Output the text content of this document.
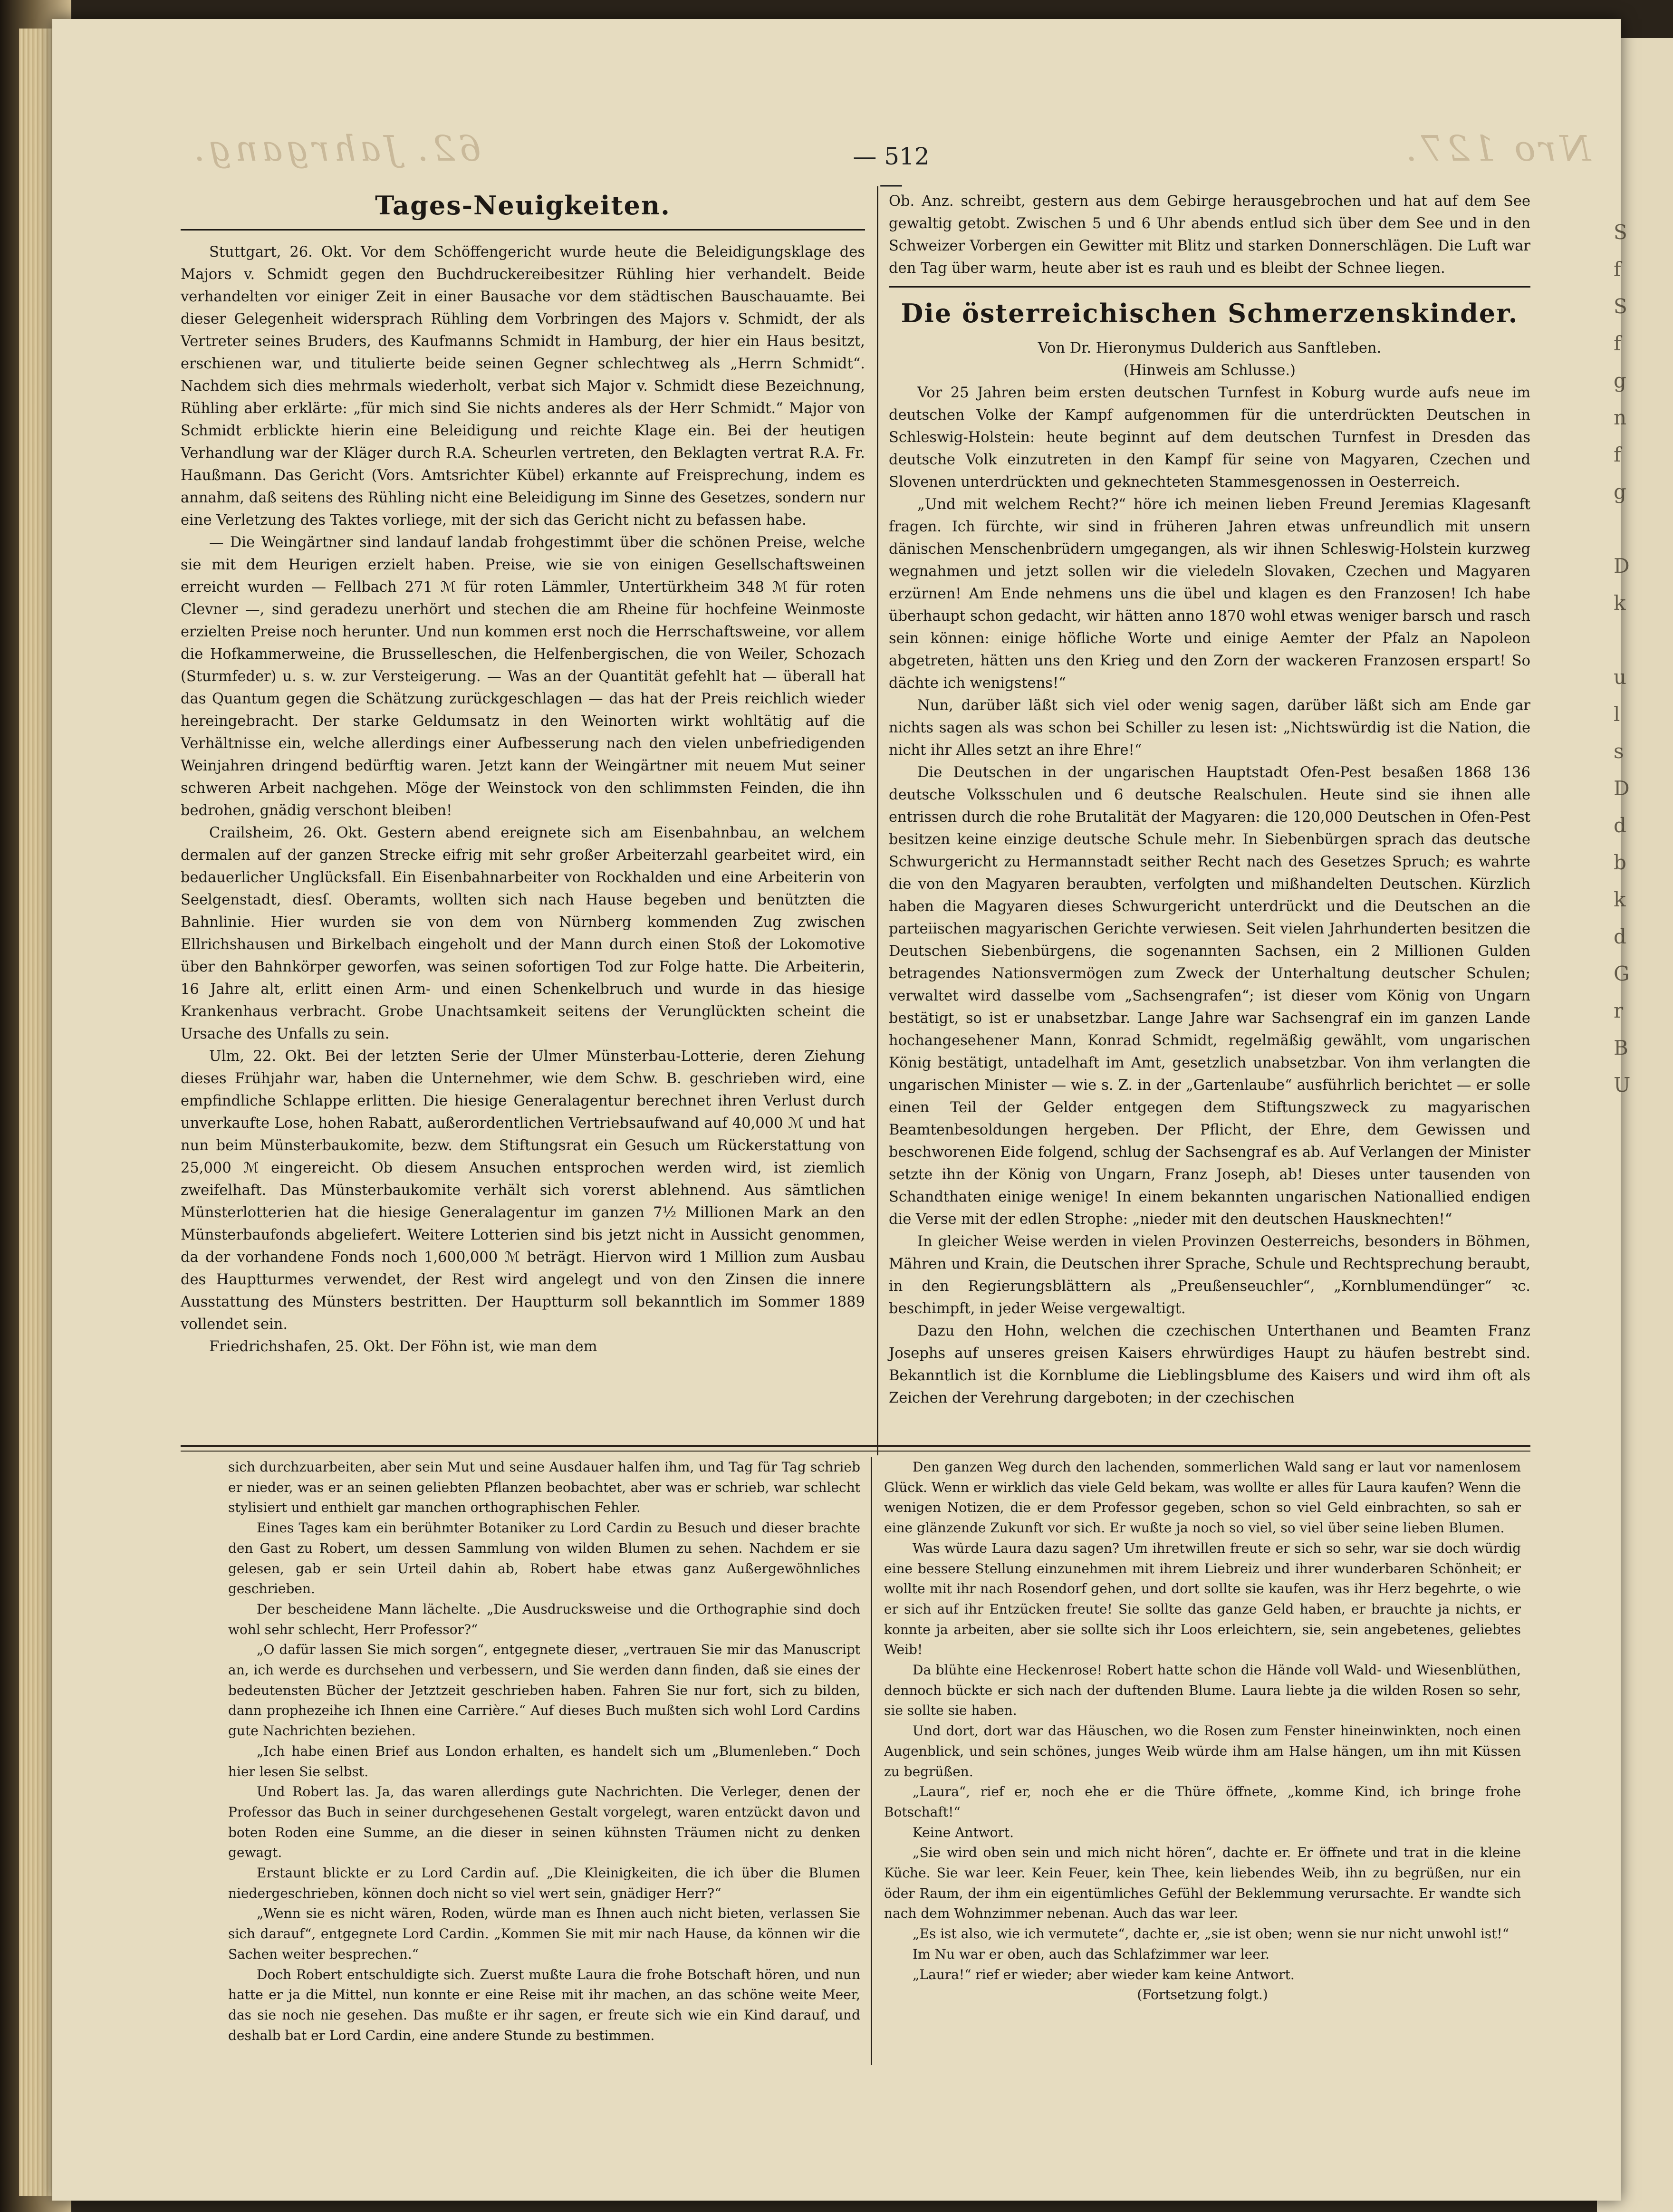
S
f
S
f
g
n
f
g

D
k

u
l
s
D
d
b
k
d
G
r
B
U

62. Jahrgang.	Nro 127.
— 512 —
Tages-Neuigkeiten.

Stuttgart, 26. Okt. Vor dem Schöffengericht wurde heute die Beleidigungsklage des Majors v. Schmidt gegen den Buchdruckereibesitzer Rühling hier verhandelt. Beide verhandelten vor einiger Zeit in einer Bausache vor dem städtischen Bauschauamte. Bei dieser Gelegenheit widersprach Rühling dem Vorbringen des Majors v. Schmidt, der als Vertreter seines Bruders, des Kaufmanns Schmidt in Hamburg, der hier ein Haus besitzt, erschienen war, und titulierte beide seinen Gegner schlechtweg als „Herrn Schmidt“. Nachdem sich dies mehrmals wiederholt, verbat sich Major v. Schmidt diese Bezeichnung, Rühling aber erklärte: „für mich sind Sie nichts anderes als der Herr Schmidt.“ Major von Schmidt erblickte hierin eine Beleidigung und reichte Klage ein. Bei der heutigen Verhandlung war der Kläger durch R.A. Scheurlen vertreten, den Beklagten vertrat R.A. Fr. Haußmann. Das Gericht (Vors. Amtsrichter Kübel) erkannte auf Freisprechung, indem es annahm, daß seitens des Rühling nicht eine Beleidigung im Sinne des Gesetzes, sondern nur eine Verletzung des Taktes vorliege, mit der sich das Gericht nicht zu befassen habe.

— Die Weingärtner sind landauf landab frohgestimmt über die schönen Preise, welche sie mit dem Heurigen erzielt haben. Preise, wie sie von einigen Gesellschaftsweinen erreicht wurden — Fellbach 271 ℳ für roten Lämmler, Untertürkheim 348 ℳ für roten Clevner —, sind geradezu unerhört und stechen die am Rheine für hochfeine Weinmoste erzielten Preise noch herunter. Und nun kommen erst noch die Herrschaftsweine, vor allem die Hofkammerweine, die Brusselleschen, die Helfenbergischen, die von Weiler, Schozach (Sturmfeder) u. s. w. zur Versteigerung. — Was an der Quantität gefehlt hat — überall hat das Quantum gegen die Schätzung zurückgeschlagen — das hat der Preis reichlich wieder hereingebracht. Der starke Geldumsatz in den Weinorten wirkt wohltätig auf die Verhältnisse ein, welche allerdings einer Aufbesserung nach den vielen unbefriedigenden Weinjahren dringend bedürftig waren. Jetzt kann der Weingärtner mit neuem Mut seiner schweren Arbeit nachgehen. Möge der Weinstock von den schlimmsten Feinden, die ihn bedrohen, gnädig verschont bleiben!

Crailsheim, 26. Okt. Gestern abend ereignete sich am Eisenbahnbau, an welchem dermalen auf der ganzen Strecke eifrig mit sehr großer Arbeiterzahl gearbeitet wird, ein bedauerlicher Unglücksfall. Ein Eisenbahnarbeiter von Rockhalden und eine Arbeiterin von Seelgenstadt, diesſ. Oberamts, wollten sich nach Hause begeben und benützten die Bahnlinie. Hier wurden sie von dem von Nürnberg kommenden Zug zwischen Ellrichshausen und Birkelbach eingeholt und der Mann durch einen Stoß der Lokomotive über den Bahnkörper geworfen, was seinen sofortigen Tod zur Folge hatte. Die Arbeiterin, 16 Jahre alt, erlitt einen Arm- und einen Schenkelbruch und wurde in das hiesige Krankenhaus verbracht. Grobe Unachtsamkeit seitens der Verunglückten scheint die Ursache des Unfalls zu sein.

Ulm, 22. Okt. Bei der letzten Serie der Ulmer Münsterbau-Lotterie, deren Ziehung dieses Frühjahr war, haben die Unternehmer, wie dem Schw. B. geschrieben wird, eine empfindliche Schlappe erlitten. Die hiesige Generalagentur berechnet ihren Verlust durch unverkaufte Lose, hohen Rabatt, außerordentlichen Vertriebsaufwand auf 40,000 ℳ und hat nun beim Münsterbaukomite, bezw. dem Stiftungsrat ein Gesuch um Rückerstattung von 25,000 ℳ eingereicht. Ob diesem Ansuchen entsprochen werden wird, ist ziemlich zweifelhaft. Das Münsterbaukomite verhält sich vorerst ablehnend. Aus sämtlichen Münsterlotterien hat die hiesige Generalagentur im ganzen 7½ Millionen Mark an den Münsterbaufonds abgeliefert. Weitere Lotterien sind bis jetzt nicht in Aussicht genommen, da der vorhandene Fonds noch 1,600,000 ℳ beträgt. Hiervon wird 1 Million zum Ausbau des Hauptturmes verwendet, der Rest wird angelegt und von den Zinsen die innere Ausstattung des Münsters bestritten. Der Hauptturm soll bekanntlich im Sommer 1889 vollendet sein.

Friedrichshafen, 25. Okt. Der Föhn ist, wie man dem

Ob. Anz. schreibt, gestern aus dem Gebirge herausgebrochen und hat auf dem See gewaltig getobt. Zwischen 5 und 6 Uhr abends entlud sich über dem See und in den Schweizer Vorbergen ein Gewitter mit Blitz und starken Donnerschlägen. Die Luft war den Tag über warm, heute aber ist es rauh und es bleibt der Schnee liegen.

Die österreichischen Schmerzenskinder.

Von Dr. Hieronymus Dulderich aus Sanftleben.

(Hinweis am Schlusse.)

Vor 25 Jahren beim ersten deutschen Turnfest in Koburg wurde aufs neue im deutschen Volke der Kampf aufgenommen für die unterdrückten Deutschen in Schleswig-Holstein: heute beginnt auf dem deutschen Turnfest in Dresden das deutsche Volk einzutreten in den Kampf für seine von Magyaren, Czechen und Slovenen unterdrückten und geknechteten Stammesgenossen in Oesterreich.

„Und mit welchem Recht?“ höre ich meinen lieben Freund Jeremias Klagesanft fragen. Ich fürchte, wir sind in früheren Jahren etwas unfreundlich mit unsern dänischen Menschenbrüdern umgegangen, als wir ihnen Schleswig-Holstein kurzweg wegnahmen und jetzt sollen wir die vieledeln Slovaken, Czechen und Magyaren erzürnen! Am Ende nehmens uns die übel und klagen es den Franzosen! Ich habe überhaupt schon gedacht, wir hätten anno 1870 wohl etwas weniger barsch und rasch sein können: einige höfliche Worte und einige Aemter der Pfalz an Napoleon abgetreten, hätten uns den Krieg und den Zorn der wackeren Franzosen erspart! So dächte ich wenigstens!“

Nun, darüber läßt sich viel oder wenig sagen, darüber läßt sich am Ende gar nichts sagen als was schon bei Schiller zu lesen ist: „Nichtswürdig ist die Nation, die nicht ihr Alles setzt an ihre Ehre!“

Die Deutschen in der ungarischen Hauptstadt Ofen-Pest besaßen 1868 136 deutsche Volksschulen und 6 deutsche Realschulen. Heute sind sie ihnen alle entrissen durch die rohe Brutalität der Magyaren: die 120,000 Deutschen in Ofen-Pest besitzen keine einzige deutsche Schule mehr. In Siebenbürgen sprach das deutsche Schwurgericht zu Hermannstadt seither Recht nach des Gesetzes Spruch; es wahrte die von den Magyaren beraubten, verfolgten und mißhandelten Deutschen. Kürzlich haben die Magyaren dieses Schwurgericht unterdrückt und die Deutschen an die parteiischen magyarischen Gerichte verwiesen. Seit vielen Jahrhunderten besitzen die Deutschen Siebenbürgens, die sogenannten Sachsen, ein 2 Millionen Gulden betragendes Nationsvermögen zum Zweck der Unterhaltung deutscher Schulen; verwaltet wird dasselbe vom „Sachsengrafen“; ist dieser vom König von Ungarn bestätigt, so ist er unabsetzbar. Lange Jahre war Sachsengraf ein im ganzen Lande hochangesehener Mann, Konrad Schmidt, regelmäßig gewählt, vom ungarischen König bestätigt, untadelhaft im Amt, gesetzlich unabsetzbar. Von ihm verlangten die ungarischen Minister — wie s. Z. in der „Gartenlaube“ ausführlich berichtet — er solle einen Teil der Gelder entgegen dem Stiftungszweck zu magyarischen Beamtenbesoldungen hergeben. Der Pflicht, der Ehre, dem Gewissen und beschworenen Eide folgend, schlug der Sachsengraf es ab. Auf Verlangen der Minister setzte ihn der König von Ungarn, Franz Joseph, ab! Dieses unter tausenden von Schandthaten einige wenige! In einem bekannten ungarischen Nationallied endigen die Verse mit der edlen Strophe: „nieder mit den deutschen Hausknechten!“

In gleicher Weise werden in vielen Provinzen Oesterreichs, besonders in Böhmen, Mähren und Krain, die Deutschen ihrer Sprache, Schule und Rechtsprechung beraubt, in den Regierungsblättern als „Preußenseuchler“, „Kornblumendünger“ ꝛc. beschimpft, in jeder Weise vergewaltigt.

Dazu den Hohn, welchen die czechischen Unterthanen und Beamten Franz Josephs auf unseres greisen Kaisers ehrwürdiges Haupt zu häufen bestrebt sind. Bekanntlich ist die Kornblume die Lieblingsblume des Kaisers und wird ihm oft als Zeichen der Verehrung dargeboten; in der czechischen

sich durchzuarbeiten, aber sein Mut und seine Ausdauer halfen ihm, und Tag für Tag schrieb er nieder, was er an seinen geliebten Pflanzen beobachtet, aber was er schrieb, war schlecht stylisiert und enthielt gar manchen orthographischen Fehler.

Eines Tages kam ein berühmter Botaniker zu Lord Cardin zu Besuch und dieser brachte den Gast zu Robert, um dessen Sammlung von wilden Blumen zu sehen. Nachdem er sie gelesen, gab er sein Urteil dahin ab, Robert habe etwas ganz Außergewöhnliches geschrieben.

Der bescheidene Mann lächelte. „Die Ausdrucksweise und die Orthographie sind doch wohl sehr schlecht, Herr Professor?“

„O dafür lassen Sie mich sorgen“, entgegnete dieser, „vertrauen Sie mir das Manuscript an, ich werde es durchsehen und verbessern, und Sie werden dann finden, daß sie eines der bedeutensten Bücher der Jetztzeit geschrieben haben. Fahren Sie nur fort, sich zu bilden, dann prophezeihe ich Ihnen eine Carrière.“ Auf dieses Buch mußten sich wohl Lord Cardins gute Nachrichten beziehen.

„Ich habe einen Brief aus London erhalten, es handelt sich um „Blumenleben.“ Doch hier lesen Sie selbst.

Und Robert las. Ja, das waren allerdings gute Nachrichten. Die Verleger, denen der Professor das Buch in seiner durchgesehenen Gestalt vorgelegt, waren entzückt davon und boten Roden eine Summe, an die dieser in seinen kühnsten Träumen nicht zu denken gewagt.

Erstaunt blickte er zu Lord Cardin auf. „Die Kleinigkeiten, die ich über die Blumen niedergeschrieben, können doch nicht so viel wert sein, gnädiger Herr?“

„Wenn sie es nicht wären, Roden, würde man es Ihnen auch nicht bieten, verlassen Sie sich darauf“, entgegnete Lord Cardin. „Kommen Sie mit mir nach Hause, da können wir die Sachen weiter besprechen.“

Doch Robert entschuldigte sich. Zuerst mußte Laura die frohe Botschaft hören, und nun hatte er ja die Mittel, nun konnte er eine Reise mit ihr machen, an das schöne weite Meer, das sie noch nie gesehen. Das mußte er ihr sagen, er freute sich wie ein Kind darauf, und deshalb bat er Lord Cardin, eine andere Stunde zu bestimmen.

Den ganzen Weg durch den lachenden, sommerlichen Wald sang er laut vor namenlosem Glück. Wenn er wirklich das viele Geld bekam, was wollte er alles für Laura kaufen? Wenn die wenigen Notizen, die er dem Professor gegeben, schon so viel Geld einbrachten, so sah er eine glänzende Zukunft vor sich. Er wußte ja noch so viel, so viel über seine lieben Blumen.

Was würde Laura dazu sagen? Um ihretwillen freute er sich so sehr, war sie doch würdig eine bessere Stellung einzunehmen mit ihrem Liebreiz und ihrer wunderbaren Schönheit; er wollte mit ihr nach Rosendorf gehen, und dort sollte sie kaufen, was ihr Herz begehrte, o wie er sich auf ihr Entzücken freute! Sie sollte das ganze Geld haben, er brauchte ja nichts, er konnte ja arbeiten, aber sie sollte sich ihr Loos erleichtern, sie, sein angebetenes, geliebtes Weib!

Da blühte eine Heckenrose! Robert hatte schon die Hände voll Wald- und Wiesenblüthen, dennoch bückte er sich nach der duftenden Blume. Laura liebte ja die wilden Rosen so sehr, sie sollte sie haben.

Und dort, dort war das Häuschen, wo die Rosen zum Fenster hineinwinkten, noch einen Augenblick, und sein schönes, junges Weib würde ihm am Halse hängen, um ihn mit Küssen zu begrüßen.

„Laura“, rief er, noch ehe er die Thüre öffnete, „komme Kind, ich bringe frohe Botschaft!“

Keine Antwort.

„Sie wird oben sein und mich nicht hören“, dachte er. Er öffnete und trat in die kleine Küche. Sie war leer. Kein Feuer, kein Thee, kein liebendes Weib, ihn zu begrüßen, nur ein öder Raum, der ihm ein eigentümliches Gefühl der Beklemmung verursachte. Er wandte sich nach dem Wohnzimmer nebenan. Auch das war leer.

„Es ist also, wie ich vermutete“, dachte er, „sie ist oben; wenn sie nur nicht unwohl ist!“

Im Nu war er oben, auch das Schlafzimmer war leer.

„Laura!“ rief er wieder; aber wieder kam keine Antwort.

(Fortsetzung folgt.)
